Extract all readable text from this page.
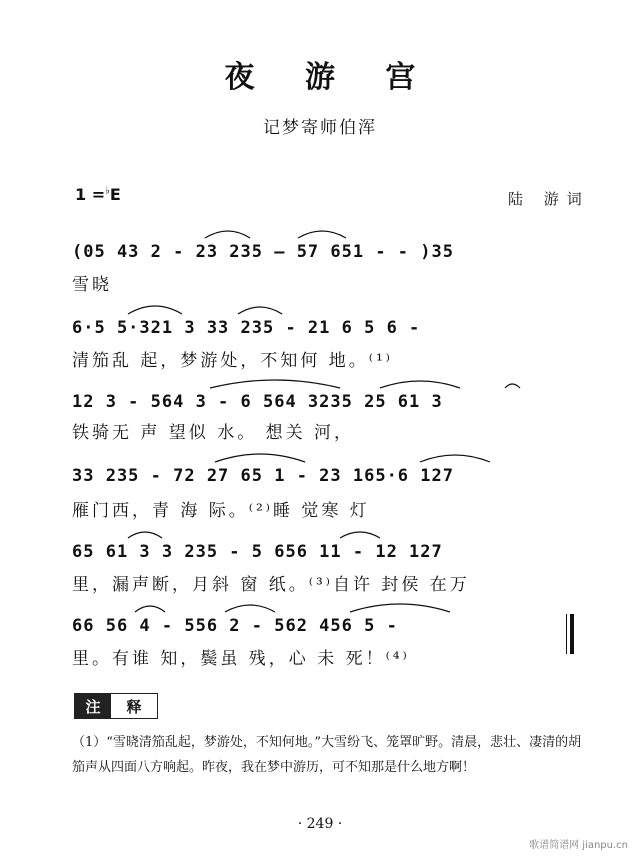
夜 游 宫
记梦寄师伯浑
1 =♭E	陆 游词
(05 43 2 - 23 235 — 57 651 - - )35
雪晓
6·5 5·321 3 33 235 - 21 6 5 6 -
清笳乱 起，梦游处，不知何 地。⁽¹⁾
12 3 - 564 3 - 6 564 3235 25 61 3
铁骑无 声 望似 水。 想关 河，
33 235 - 72 27 65 1 - 23 165·6 127
雁门西，青 海 际。⁽²⁾睡 觉寒 灯
65 61 3 3 235 - 5 656 11 - 12 127
里，漏声断，月斜 窗 纸。⁽³⁾自许 封侯 在万
66 56 4 - 556 2 - 562 456 5 -
里。有谁 知，鬓虽 残，心 未 死！⁽⁴⁾
注	释
（1）“雪晓清笳乱起，梦游处，不知何地。”大雪纷飞、笼罩旷野。清晨，悲壮、凄清的胡笳声从四面八方响起。昨夜，我在梦中游历，可不知那是什么地方啊！
· 249 ·
歌谱简谱网 jianpu.cn
